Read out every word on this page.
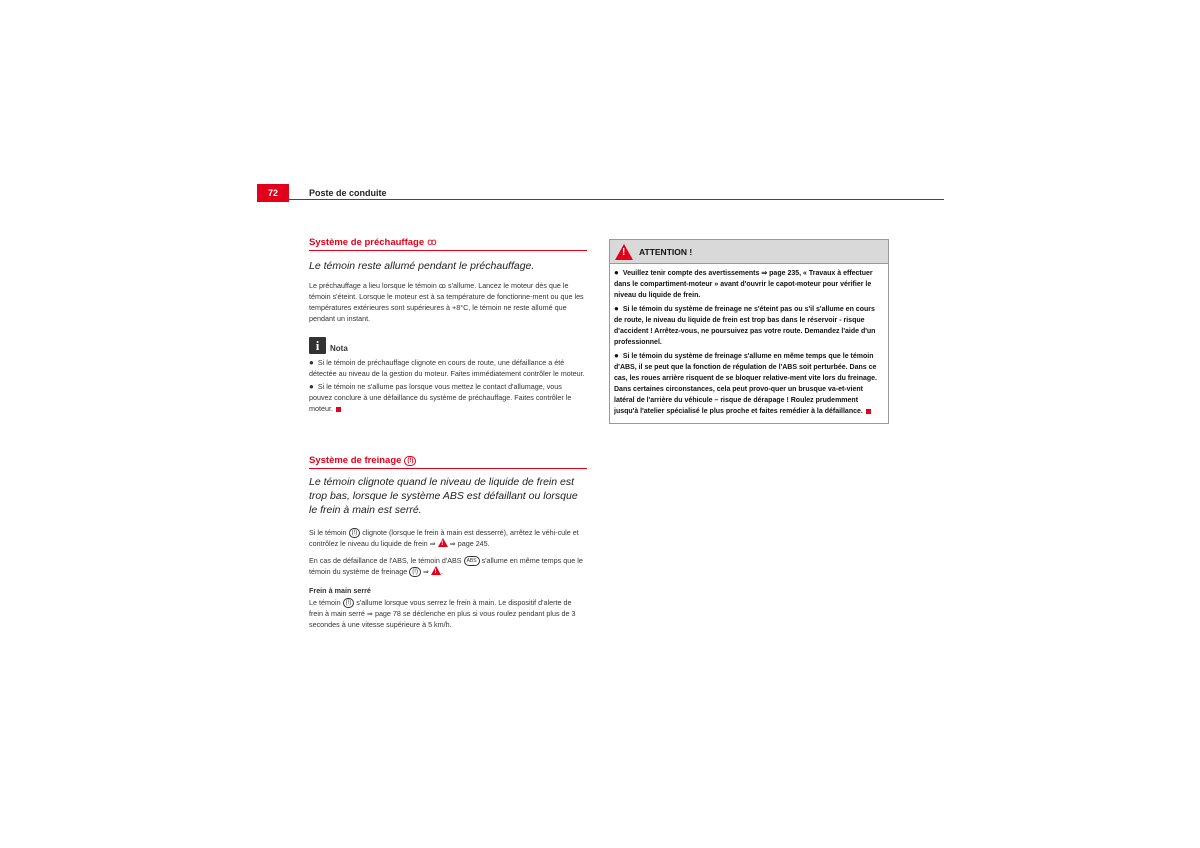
72	Poste de conduite
Système de préchauffage ꝏ
Le témoin reste allumé pendant le préchauffage.

Le préchauffage a lieu lorsque le témoin ꝏ s'allume. Lancez le moteur dès que le témoin s'éteint. Lorsque le moteur est à sa température de fonctionne-ment ou que les températures extérieures sont supérieures à +8°C, le témoin ne reste allumé que pendant un instant.

i	Nota

● Si le témoin de préchauffage clignote en cours de route, une défaillance a été détectée au niveau de la gestion du moteur. Faites immédiatement contrôler le moteur.

● Si le témoin ne s'allume pas lorsque vous mettez le contact d'allumage, vous pouvez conclure à une défaillance du système de préchauffage. Faites contrôler le moteur.

Système de freinage	(!)
Le témoin clignote quand le niveau de liquide de frein est trop bas, lorsque le système ABS est défaillant ou lorsque le frein à main est serré.

Si le témoin (!) clignote (lorsque le frein à main est desserré), arrêtez le véhi-cule et contrôlez le niveau du liquide de frein ⇒ ! ⇒ page 245.

En cas de défaillance de l'ABS, le témoin d'ABS ABS s'allume en même temps que le témoin du système de freinage (!) ⇒ !.

Frein à main serré

Le témoin (!) s'allume lorsque vous serrez le frein à main. Le dispositif d'alerte de frein à main serré ⇒ page 78 se déclenche en plus si vous roulez pendant plus de 3 secondes à une vitesse supérieure à 5 km/h.

!
ATTENTION !

● Veuillez tenir compte des avertissements ⇒ page 235, « Travaux à effectuer dans le compartiment-moteur » avant d'ouvrir le capot-moteur pour vérifier le niveau du liquide de frein.

● Si le témoin du système de freinage ne s'éteint pas ou s'il s'allume en cours de route, le niveau du liquide de frein est trop bas dans le réservoir - risque d'accident ! Arrêtez-vous, ne poursuivez pas votre route. Demandez l'aide d'un professionnel.

● Si le témoin du système de freinage s'allume en même temps que le témoin d'ABS, il se peut que la fonction de régulation de l'ABS soit perturbée. Dans ce cas, les roues arrière risquent de se bloquer relative-ment vite lors du freinage. Dans certaines circonstances, cela peut provo-quer un brusque va-et-vient latéral de l'arrière du véhicule – risque de dérapage ! Roulez prudemment jusqu'à l'atelier spécialisé le plus proche et faites remédier à la défaillance.
